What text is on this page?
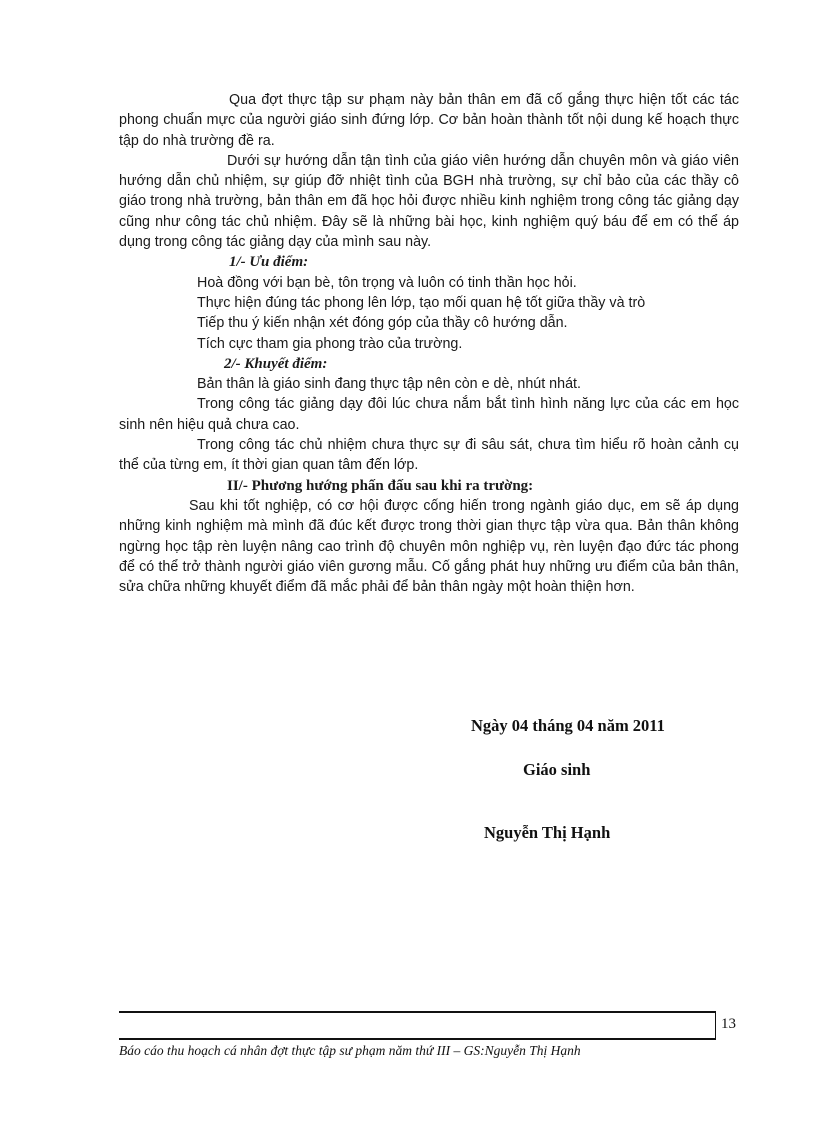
Qua đợt thực tập sư phạm này bản thân em đã cố gắng thực hiện tốt các tác phong chuẩn mực của người giáo sinh đứng lớp. Cơ bản hoàn thành tốt nội dung kế hoạch thực tập do nhà trường đề ra.

Dưới sự hướng dẫn tận tình của giáo viên hướng dẫn chuyên môn và giáo viên hướng dẫn chủ nhiệm, sự giúp đỡ nhiệt tình của BGH nhà trường, sự chỉ bảo của các thầy cô giáo trong nhà trường, bản thân em đã học hỏi được nhiều kinh nghiệm trong công tác giảng dạy cũng như công tác chủ nhiệm. Đây sẽ là những bài học, kinh nghiệm quý báu để em có thể áp dụng trong công tác giảng dạy của mình sau này.

1/- Ưu điểm:

Hoà đồng với bạn bè, tôn trọng và luôn có tinh thần học hỏi.

Thực hiện đúng tác phong lên lớp, tạo mối quan hệ tốt giữa thầy và trò

Tiếp thu ý kiến nhận xét đóng góp của thầy cô hướng dẫn.

Tích cực tham gia phong trào của trường.

2/- Khuyết điểm:

Bản thân là giáo sinh đang thực tập nên còn e dè, nhút nhát.

Trong công tác giảng dạy đôi lúc chưa nắm bắt tình hình năng lực của các em học sinh nên hiệu quả chưa cao.

Trong công tác chủ nhiệm chưa thực sự đi sâu sát, chưa tìm hiểu rõ hoàn cảnh cụ thể của từng em, ít thời gian quan tâm đến lớp.

II/- Phương hướng phấn đấu sau khi ra trường:

Sau khi tốt nghiệp, có cơ hội được cống hiến trong ngành giáo dục, em sẽ áp dụng những kinh nghiệm mà mình đã đúc kết được trong thời gian thực tập vừa qua. Bản thân không ngừng học tập rèn luyện nâng cao trình độ chuyên môn nghiệp vụ, rèn luyện đạo đức tác phong để có thể trở thành người giáo viên gương mẫu. Cố gắng phát huy những ưu điểm của bản thân, sửa chữa những khuyết điểm đã mắc phải để bản thân ngày một hoàn thiện hơn.

Ngày 04 tháng 04 năm 2011
Giáo sinh
Nguyễn Thị Hạnh
13
Báo cáo thu hoạch cá nhân đợt thực tập sư phạm năm thứ III – GS:Nguyễn Thị Hạnh
